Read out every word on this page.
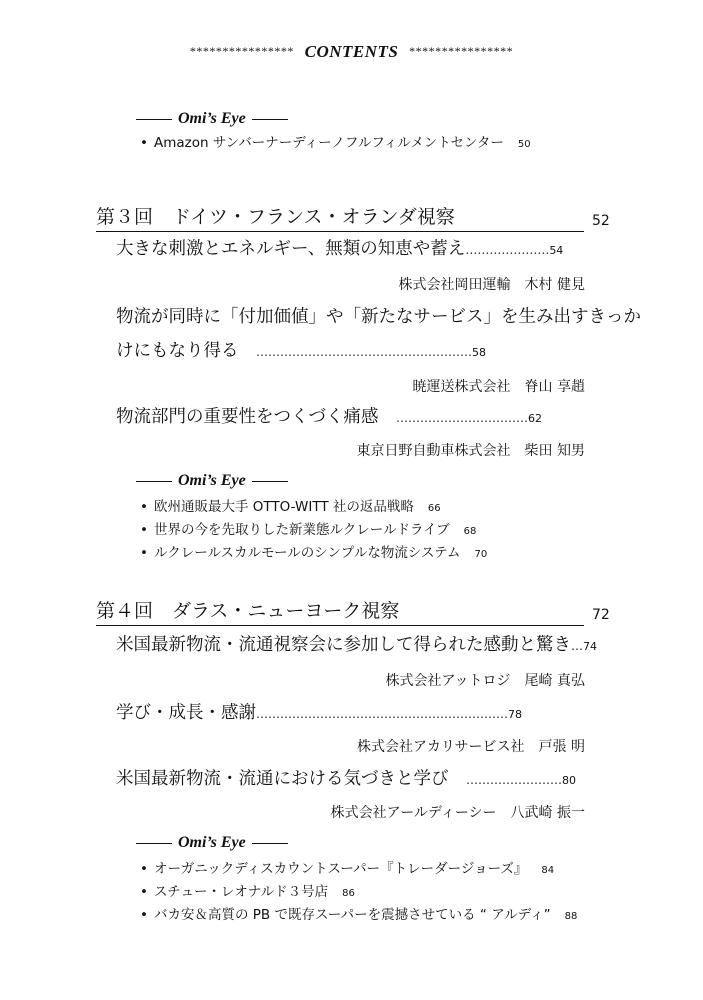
**************** CONTENTS ****************
Omi’s Eye
• Amazon サンバーナーディーノフルフィルメントセンター 50
第３回　ドイツ・フランス・オランダ視察	52
大きな刺激とエネルギー、無類の知恵や蓄え…………………54
株式会社岡田運輸 木村 健見
物流が同時に「付加価値」や「新たなサービス」を生み出すきっか
けにもなり得る　 ………………………………………………58
暁運送株式会社 脊山 享趙
物流部門の重要性をつくづく痛感　 ……………………………62
東京日野自動車株式会社 柴田 知男
Omi’s Eye
• 欧州通販最大手 OTTO-WITT 社の返品戦略 66
• 世界の今を先取りした新業態ルクレールドライブ 68
• ルクレールスカルモールのシンプルな物流システム 70
第４回　ダラス・ニューヨーク視察	72
米国最新物流・流通視察会に参加して得られた感動と驚き…74
株式会社アットロジ 尾崎 真弘
学び・成長・感謝………………………………………………………78
株式会社アカリサービス社 戸張 明
米国最新物流・流通における気づきと学び　 ……………………80
株式会社アールディーシー 八武崎 振一
Omi’s Eye
• オーガニックディスカウントスーパー『トレーダージョーズ』 84
• スチュー・レオナルド３号店 86
• バカ安＆高質の PB で既存スーパーを震撼させている “ アルディ” 88
